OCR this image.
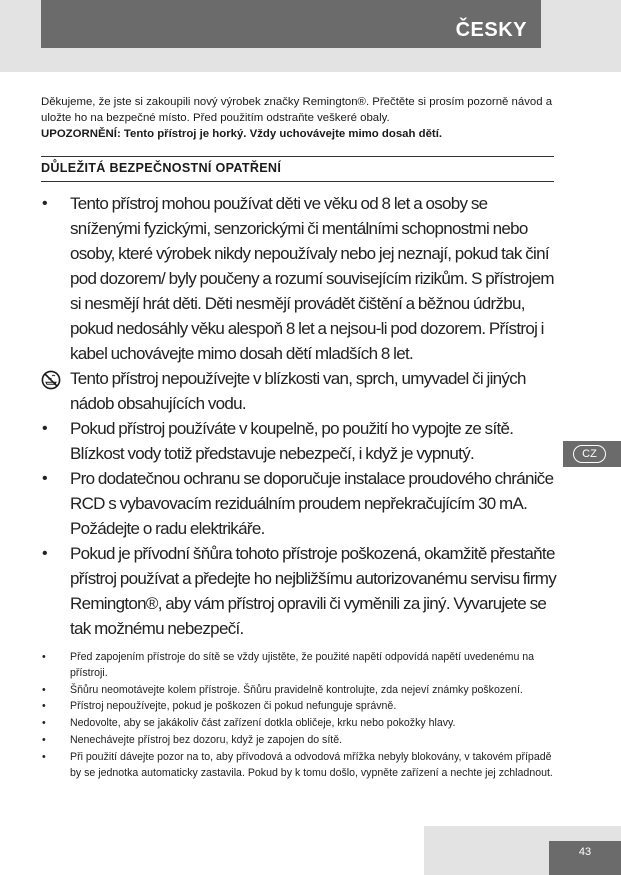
ČESKY

Děkujeme, že jste si zakoupili nový výrobek značky Remington®. Přečtěte si prosím pozorně návod a uložte ho na bezpečné místo. Před použitím odstraňte veškeré obaly.

UPOZORNĚNÍ: Tento přístroj je horký. Vždy uchovávejte mimo dosah dětí.

DŮLEŽITÁ BEZPEČNOSTNÍ OPATŘENÍ
• Tento přístroj mohou používat děti ve věku od 8 let a osoby se sníženými fyzickými, senzorickými či mentálními schopnostmi nebo osoby, které výrobek nikdy nepoužívaly nebo jej neznají, pokud tak činí pod dozorem/ byly poučeny a rozumí souvisejícím rizikům. S přístrojem si nesmějí hrát děti. Děti nesmějí provádět čištění a běžnou údržbu, pokud nedosáhly věku alespoň 8 let a nejsou-li pod dozorem. Přístroj i kabel uchovávejte mimo dosah dětí mladších 8 let.
Tento přístroj nepoužívejte v blízkosti van, sprch, umyvadel či jiných nádob obsahujících vodu.
• Pokud přístroj používáte v koupelně, po použití ho vypojte ze sítě. Blízkost vody totiž představuje nebezpečí, i když je vypnutý.
• Pro dodatečnou ochranu se doporučuje instalace proudového chrániče RCD s vybavovacím reziduálním proudem nepřekračujícím 30 mA. Požádejte o radu elektrikáře.
• Pokud je přívodní šňůra tohoto přístroje poškozená, okamžitě přestaňte přístroj používat a předejte ho nejbližšímu autorizovanému servisu firmy Remington®, aby vám přístroj opravili či vyměnili za jiný. Vyvarujete se tak možnému nebezpečí.
CZ
• Před zapojením přístroje do sítě se vždy ujistěte, že použité napětí odpovídá napětí uvedenému na přístroji.
• Šňůru neomotávejte kolem přístroje. Šňůru pravidelně kontrolujte, zda nejeví známky poškození.
• Přístroj nepoužívejte, pokud je poškozen či pokud nefunguje správně.
• Nedovolte, aby se jakákoliv část zařízení dotkla obličeje, krku nebo pokožky hlavy.
• Nenechávejte přístroj bez dozoru, když je zapojen do sítě.
• Při použití dávejte pozor na to, aby přívodová a odvodová mřížka nebyly blokovány, v takovém případě by se jednotka automaticky zastavila. Pokud by k tomu došlo, vypněte zařízení a nechte jej zchladnout.
43
